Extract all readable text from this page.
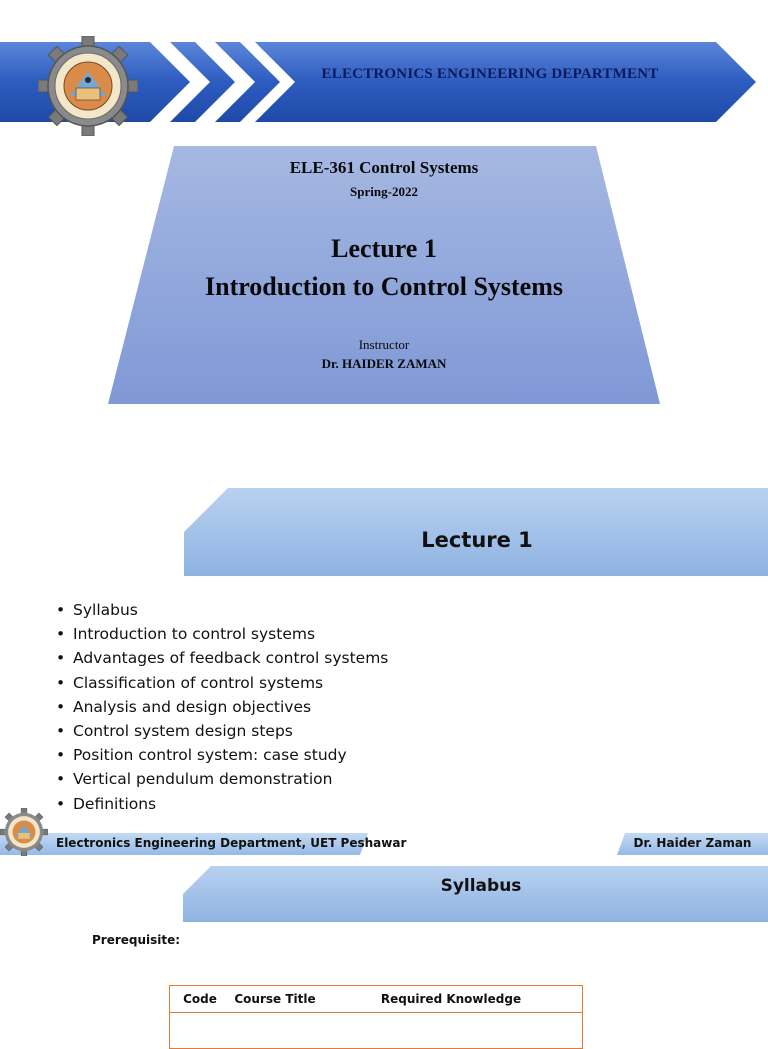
ELECTRONICS ENGINEERING DEPARTMENT
ELE-361 Control Systems
Spring-2022
Lecture 1
Introduction to Control Systems
Instructor
Dr. HAIDER ZAMAN
Lecture 1
• Syllabus
• Introduction to control systems
• Advantages of feedback control systems
• Classification of control systems
• Analysis and design objectives
• Control system design steps
• Position control system: case study
• Vertical pendulum demonstration
• Definitions
Electronics Engineering Department, UET Peshawar	Dr. Haider Zaman
Syllabus
Prerequisite:
Code	Course Title	Required Knowledge
